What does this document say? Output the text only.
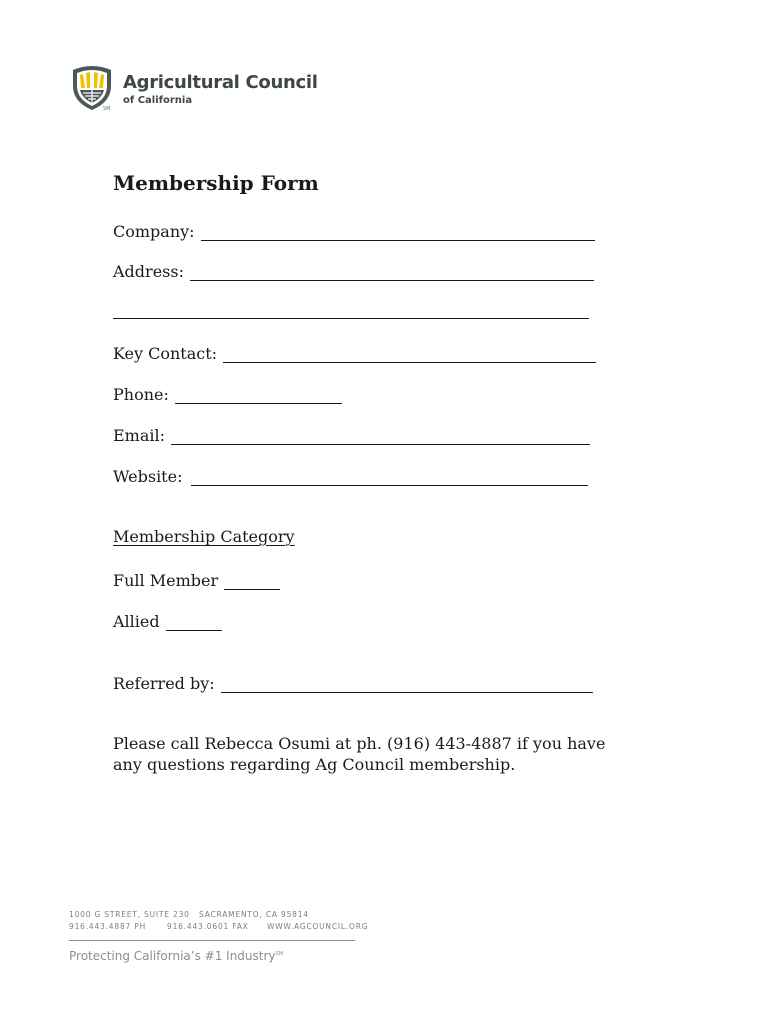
Agricultural Council
of California
SM
Membership Form
Company:
Address:
Key Contact:
Phone:
Email:
Website:
Membership Category
Full Member
Allied
Referred by:
Please call Rebecca Osumi at ph. (916) 443-4887 if you have any questions regarding Ag Council membership.
1000 G STREET, SUITE 230 SACRAMENTO, CA 95814
916.443.4887 PH	916.443.0601 FAX WWW.AGCOUNCIL.ORG
Protecting California’s #1 Industry℠
